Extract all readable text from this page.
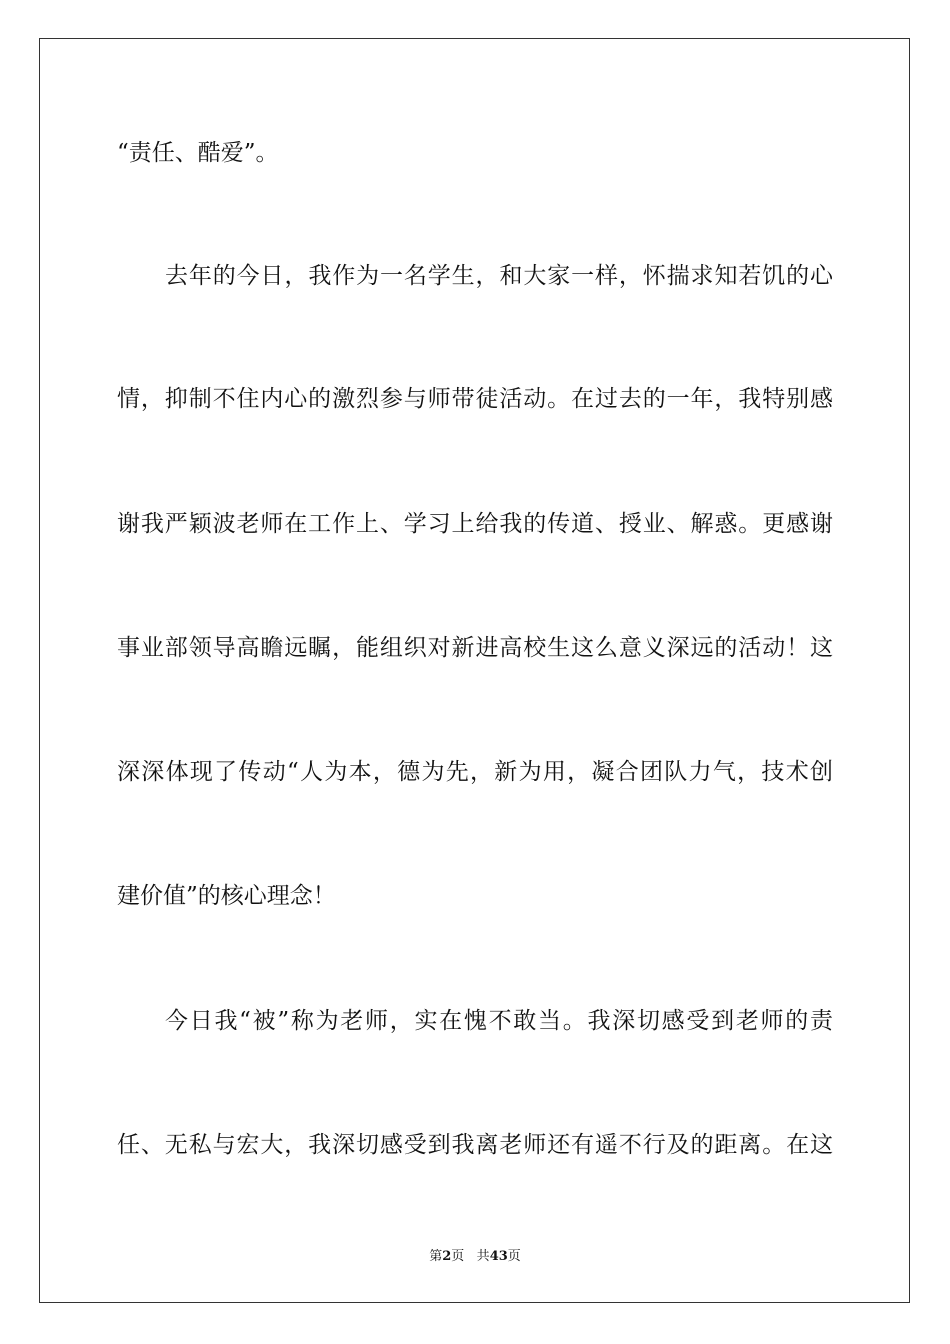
“责任、酷爱”。
去年的今日，我作为一名学生，和大家一样，怀揣求知若饥的心
情，抑制不住内心的激烈参与师带徒活动。在过去的一年，我特别感
谢我严颖波老师在工作上、学习上给我的传道、授业、解惑。更感谢
事业部领导高瞻远瞩，能组织对新进高校生这么意义深远的活动！这
深深体现了传动“人为本，德为先，新为用，凝合团队力气，技术创
建价值”的核心理念！
今日我“被”称为老师，实在愧不敢当。我深切感受到老师的责
任、无私与宏大，我深切感受到我离老师还有遥不行及的距离。在这
第2页 共43页
